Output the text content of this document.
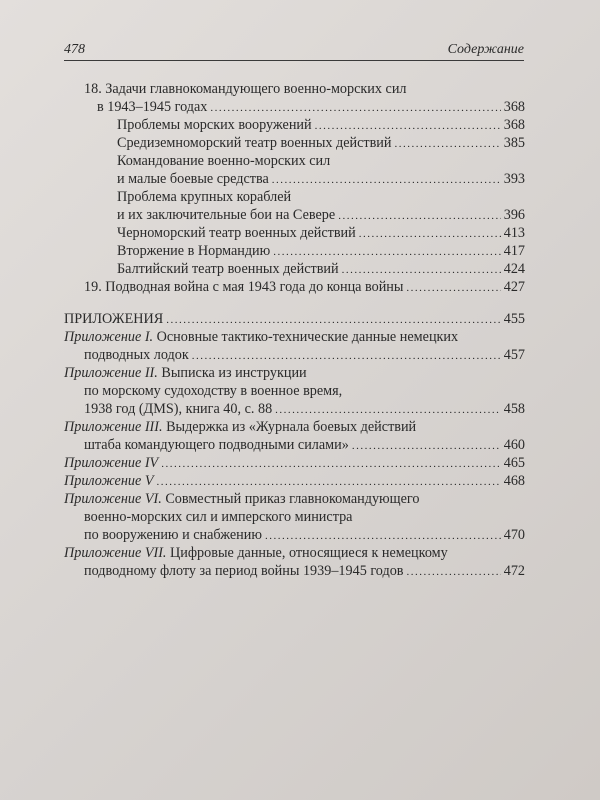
478	Содержание
18. Задачи главнокомандующего военно-морских сил
в 1943–1945 годах .....	368
Проблемы морских вооружений .....	368
Средиземноморский театр военных действий .....	385
Командование военно-морских сил
и малые боевые средства .....	393
Проблема крупных кораблей
и их заключительные бои на Севере .....	396
Черноморский театр военных действий .....	413
Вторжение в Нормандию .....	417
Балтийский театр военных действий .....	424
19. Подводная война с мая 1943 года до конца войны .....	427
ПРИЛОЖЕНИЯ .....	455
Приложение I. Основные тактико-технические данные немецких
подводных лодок .....	457
Приложение II. Выписка из инструкции
по морскому судоходству в военное время,
1938 год (ДМS), книга 40, с. 88 .....	458
Приложение III. Выдержка из «Журнала боевых действий
штаба командующего подводными силами» .....	460
Приложение IV .....	465
Приложение V .....	468
Приложение VI. Совместный приказ главнокомандующего
военно-морских сил и имперского министра
по вооружению и снабжению .....	470
Приложение VII. Цифровые данные, относящиеся к немецкому
подводному флоту за период войны 1939–1945 годов .....	472
